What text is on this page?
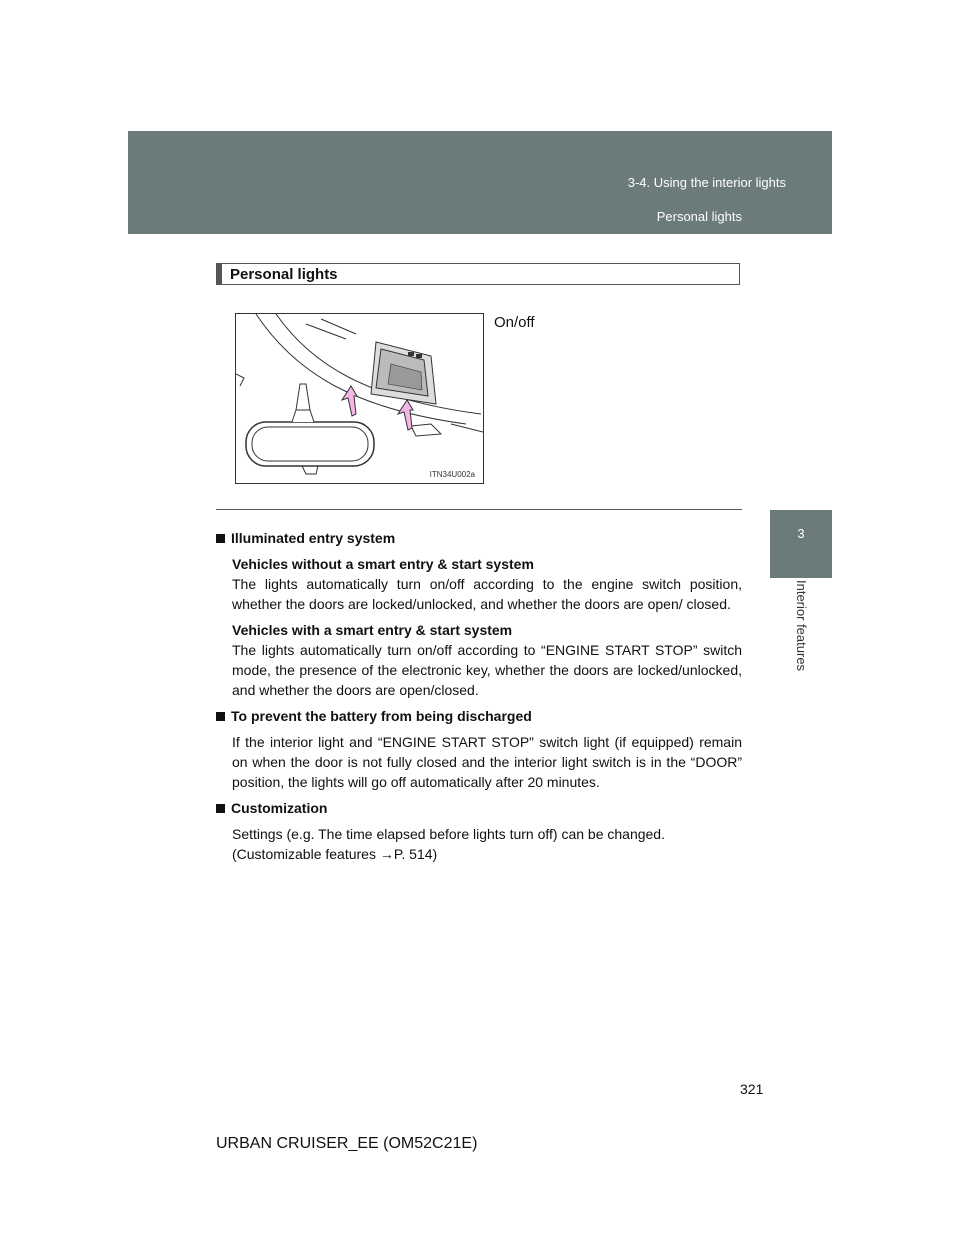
3-4. Using the interior lights
Personal lights
3
Interior features
Personal lights
ITN34U002a
On/off
Illuminated entry system
Vehicles without a smart entry & start system
The lights automatically turn on/off according to the engine switch position, whether the doors are locked/unlocked, and whether the doors are open/ closed.
Vehicles with a smart entry & start system
The lights automatically turn on/off according to “ENGINE START STOP” switch mode, the presence of the electronic key, whether the doors are locked/unlocked, and whether the doors are open/closed.
To prevent the battery from being discharged
If the interior light and “ENGINE START STOP” switch light (if equipped) remain on when the door is not fully closed and the interior light switch is in the “DOOR” position, the lights will go off automatically after 20 minutes.
Customization
Settings (e.g. The time elapsed before lights turn off) can be changed.
(Customizable features →P. 514)
321
URBAN CRUISER_EE (OM52C21E)
